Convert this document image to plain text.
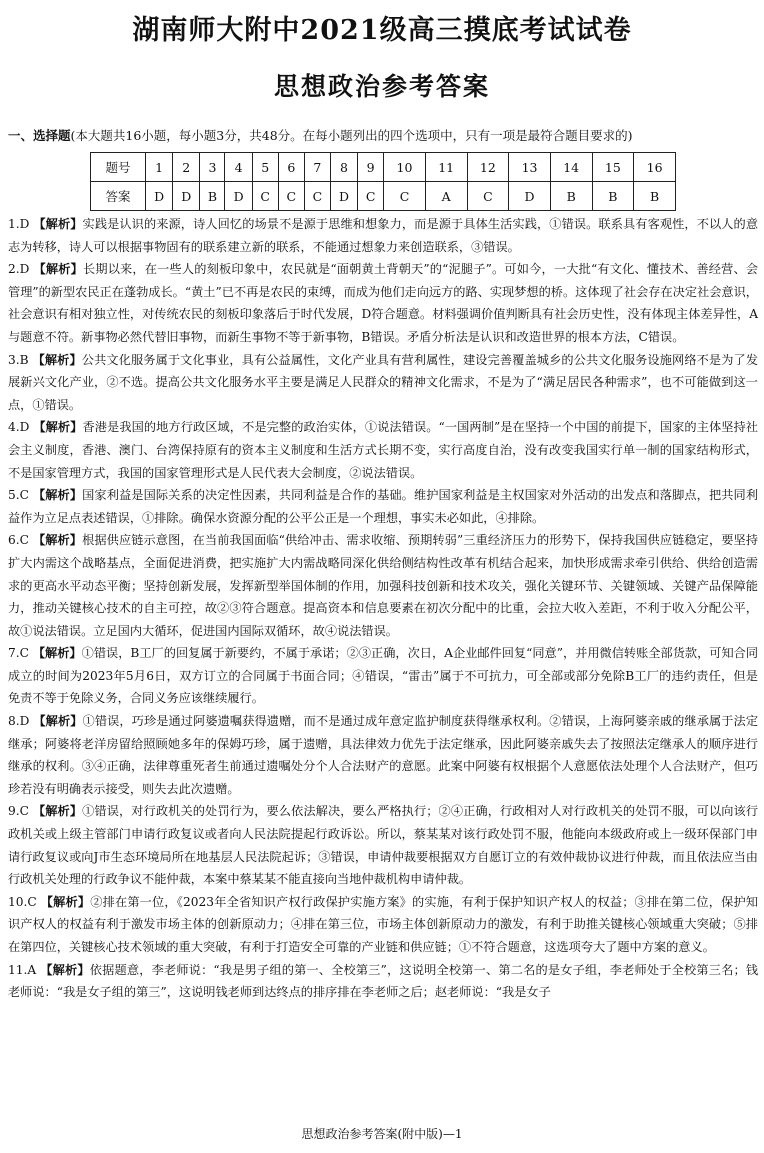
湖南师大附中2021级高三摸底考试试卷
思想政治参考答案
一、选择题(本大题共16小题，每小题3分，共48分。在每小题列出的四个选项中，只有一项是最符合题目要求的)
题号	1	2	3	4	5	6	7	8	9	10	11	12	13	14	15	16
答案	D	D	B	D	C	C	C	D	C	C	A	C	D	B	B	B

1.D 【解析】实践是认识的来源，诗人回忆的场景不是源于思维和想象力，而是源于具体生活实践，①错误。联系具有客观性，不以人的意志为转移，诗人可以根据事物固有的联系建立新的联系，不能通过想象力来创造联系，③错误。

2.D 【解析】长期以来，在一些人的刻板印象中，农民就是“面朝黄土背朝天”的“泥腿子”。可如今，一大批“有文化、懂技术、善经营、会管理”的新型农民正在蓬勃成长。“黄土”已不再是农民的束缚，而成为他们走向远方的路、实现梦想的桥。这体现了社会存在决定社会意识，社会意识有相对独立性，对传统农民的刻板印象落后于时代发展，D符合题意。材料强调价值判断具有社会历史性，没有体现主体差异性，A与题意不符。新事物必然代替旧事物，而新生事物不等于新事物，B错误。矛盾分析法是认识和改造世界的根本方法，C错误。

3.B 【解析】公共文化服务属于文化事业，具有公益属性，文化产业具有营利属性，建设完善覆盖城乡的公共文化服务设施网络不是为了发展新兴文化产业，②不选。提高公共文化服务水平主要是满足人民群众的精神文化需求，不是为了“满足居民各种需求”，也不可能做到这一点，①错误。

4.D 【解析】香港是我国的地方行政区域，不是完整的政治实体，①说法错误。“一国两制”是在坚持一个中国的前提下，国家的主体坚持社会主义制度，香港、澳门、台湾保持原有的资本主义制度和生活方式长期不变，实行高度自治，没有改变我国实行单一制的国家结构形式，不是国家管理方式，我国的国家管理形式是人民代表大会制度，②说法错误。

5.C 【解析】国家利益是国际关系的决定性因素，共同利益是合作的基础。维护国家利益是主权国家对外活动的出发点和落脚点，把共同利益作为立足点表述错误，①排除。确保水资源分配的公平公正是一个理想，事实未必如此，④排除。

6.C 【解析】根据供应链示意图，在当前我国面临“供给冲击、需求收缩、预期转弱”三重经济压力的形势下，保持我国供应链稳定，要坚持扩大内需这个战略基点，全面促进消费，把实施扩大内需战略同深化供给侧结构性改革有机结合起来，加快形成需求牵引供给、供给创造需求的更高水平动态平衡；坚持创新发展，发挥新型举国体制的作用，加强科技创新和技术攻关，强化关键环节、关键领域、关键产品保障能力，推动关键核心技术的自主可控，故②③符合题意。提高资本和信息要素在初次分配中的比重，会拉大收入差距，不利于收入分配公平，故①说法错误。立足国内大循环，促进国内国际双循环，故④说法错误。

7.C 【解析】①错误，B工厂的回复属于新要约，不属于承诺；②③正确，次日，A企业邮件回复“同意”，并用微信转账全部货款，可知合同成立的时间为2023年5月6日，双方订立的合同属于书面合同；④错误，“雷击”属于不可抗力，可全部或部分免除B工厂的违约责任，但是免责不等于免除义务，合同义务应该继续履行。

8.D 【解析】①错误，巧珍是通过阿婆遗嘱获得遗赠，而不是通过成年意定监护制度获得继承权利。②错误，上海阿婆亲戚的继承属于法定继承；阿婆将老洋房留给照顾她多年的保姆巧珍，属于遗赠，具法律效力优先于法定继承，因此阿婆亲戚失去了按照法定继承人的顺序进行继承的权利。③④正确，法律尊重死者生前通过遗嘱处分个人合法财产的意愿。此案中阿婆有权根据个人意愿依法处理个人合法财产，但巧珍若没有明确表示接受，则失去此次遗赠。

9.C 【解析】①错误，对行政机关的处罚行为，要么依法解决，要么严格执行；②④正确，行政相对人对行政机关的处罚不服，可以向该行政机关或上级主管部门申请行政复议或者向人民法院提起行政诉讼。所以，蔡某某对该行政处罚不服，他能向本级政府或上一级环保部门申请行政复议或向J市生态环境局所在地基层人民法院起诉；③错误，申请仲裁要根据双方自愿订立的有效仲裁协议进行仲裁，而且依法应当由行政机关处理的行政争议不能仲裁，本案中蔡某某不能直接向当地仲裁机构申请仲裁。

10.C 【解析】②排在第一位，《2023年全省知识产权行政保护实施方案》的实施，有利于保护知识产权人的权益；③排在第二位，保护知识产权人的权益有利于激发市场主体的创新原动力；④排在第三位，市场主体创新原动力的激发，有利于助推关键核心领域重大突破；⑤排在第四位，关键核心技术领域的重大突破，有利于打造安全可靠的产业链和供应链；①不符合题意，这选项夸大了题中方案的意义。

11.A 【解析】依据题意，李老师说：“我是男子组的第一、全校第三”，这说明全校第一、第二名的是女子组，李老师处于全校第三名；钱老师说：“我是女子组的第三”，这说明钱老师到达终点的排序排在李老师之后；赵老师说：“我是女子

思想政治参考答案(附中版)—1
